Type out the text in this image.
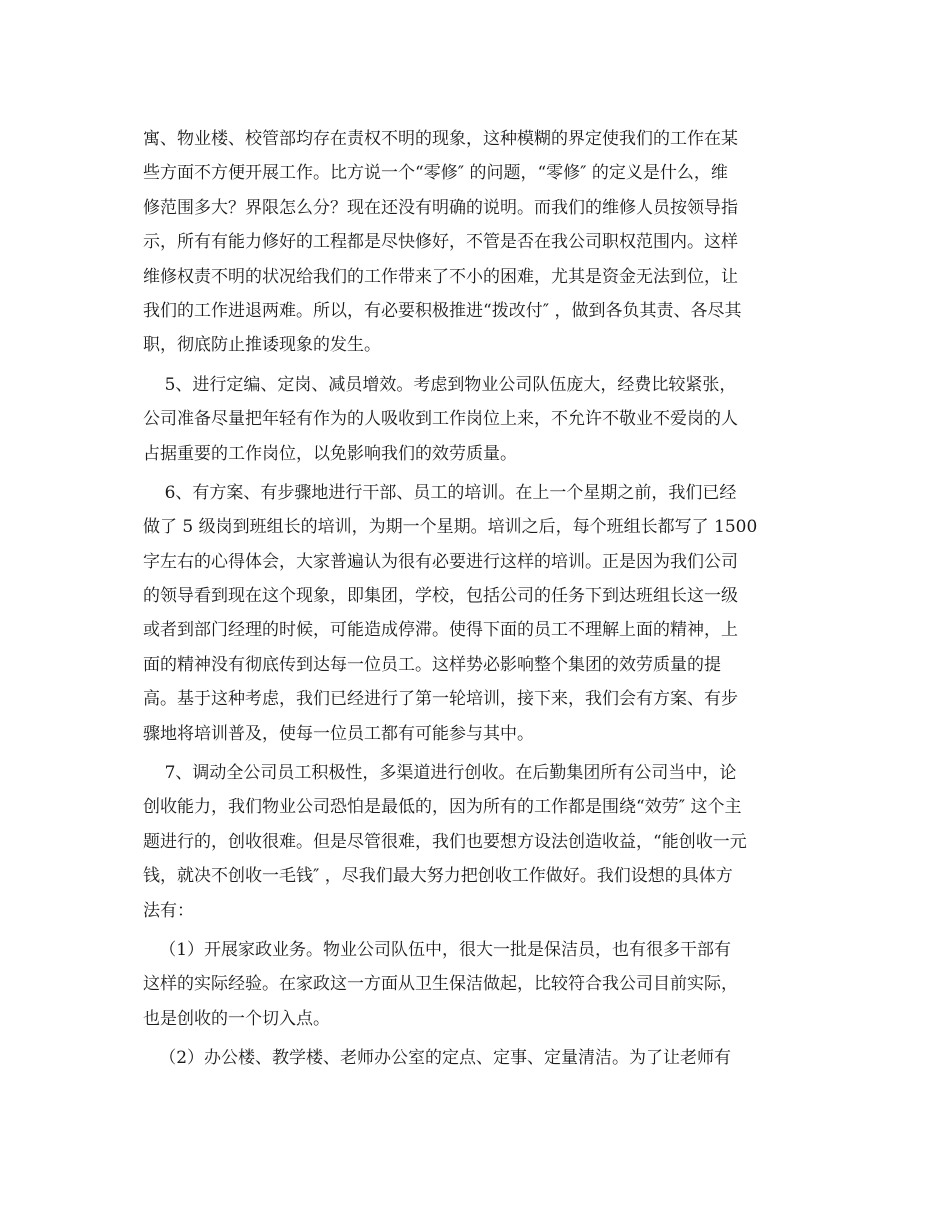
寓、物业楼、校管部均存在责权不明的现象，这种模糊的界定使我们的工作在某
些方面不方便开展工作。比方说一个“零修″ 的问题，“零修″ 的定义是什么，维
修范围多大？界限怎么分？现在还没有明确的说明。而我们的维修人员按领导指
示，所有有能力修好的工程都是尽快修好，不管是否在我公司职权范围内。这样
维修权责不明的状况给我们的工作带来了不小的困难，尤其是资金无法到位，让
我们的工作进退两难。所以，有必要积极推进“拨改付″ ，做到各负其责、各尽其
职，彻底防止推诿现象的发生。
5、进行定编、定岗、减员增效。考虑到物业公司队伍庞大，经费比较紧张，
公司准备尽量把年轻有作为的人吸收到工作岗位上来，不允许不敬业不爱岗的人
占据重要的工作岗位，以免影响我们的效劳质量。
6、有方案、有步骤地进行干部、员工的培训。在上一个星期之前，我们已经
做了 5 级岗到班组长的培训，为期一个星期。培训之后，每个班组长都写了 1500
字左右的心得体会，大家普遍认为很有必要进行这样的培训。正是因为我们公司
的领导看到现在这个现象，即集团，学校，包括公司的任务下到达班组长这一级
或者到部门经理的时候，可能造成停滞。使得下面的员工不理解上面的精神，上
面的精神没有彻底传到达每一位员工。这样势必影响整个集团的效劳质量的提
高。基于这种考虑，我们已经进行了第一轮培训，接下来，我们会有方案、有步
骤地将培训普及，使每一位员工都有可能参与其中。
7、调动全公司员工积极性，多渠道进行创收。在后勤集团所有公司当中，论
创收能力，我们物业公司恐怕是最低的，因为所有的工作都是围绕“效劳″ 这个主
题进行的，创收很难。但是尽管很难，我们也要想方设法创造收益，“能创收一元
钱，就决不创收一毛钱″ ，尽我们最大努力把创收工作做好。我们设想的具体方
法有：
（1）开展家政业务。物业公司队伍中，很大一批是保洁员，也有很多干部有
这样的实际经验。在家政这一方面从卫生保洁做起，比较符合我公司目前实际，
也是创收的一个切入点。
（2）办公楼、教学楼、老师办公室的定点、定事、定量清洁。为了让老师有
